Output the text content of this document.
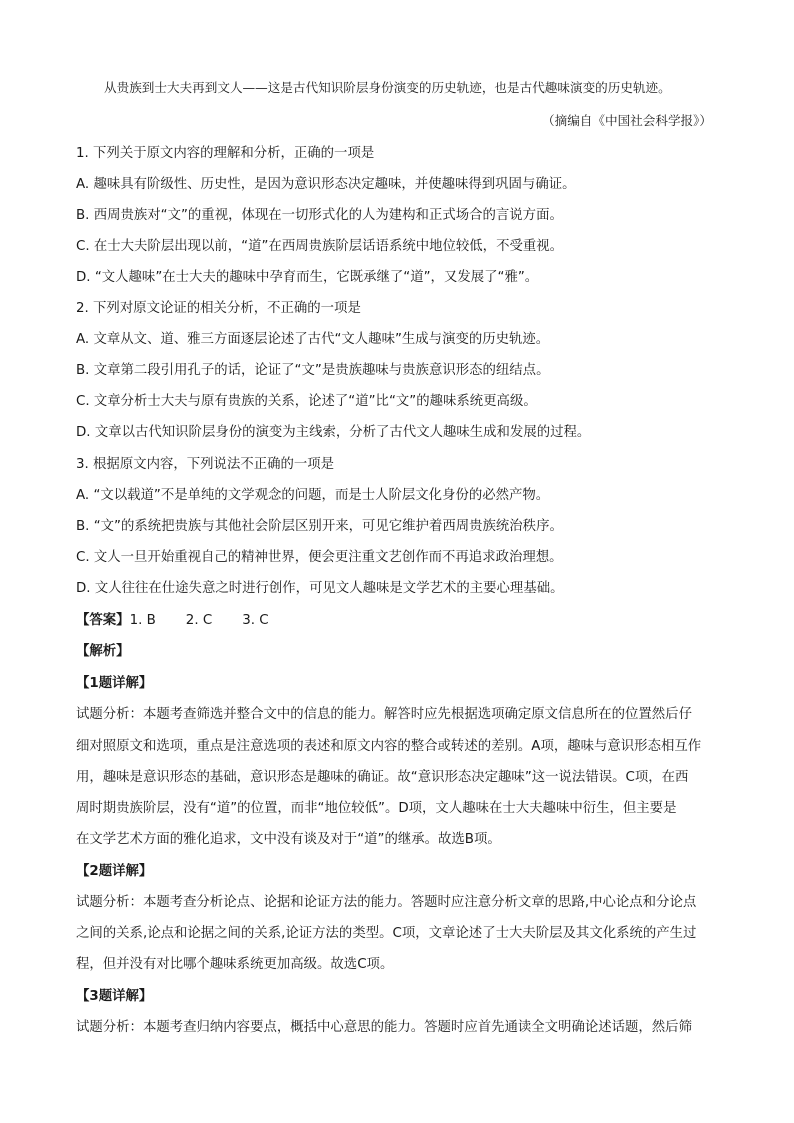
从贵族到士大夫再到文人——这是古代知识阶层身份演变的历史轨迹，也是古代趣味演变的历史轨迹。
（摘编自《中国社会科学报》）
1. 下列关于原文内容的理解和分析，正确的一项是
A. 趣味具有阶级性、历史性，是因为意识形态决定趣味，并使趣味得到巩固与确证。
B. 西周贵族对“文”的重视，体现在一切形式化的人为建构和正式场合的言说方面。
C. 在士大夫阶层出现以前，“道”在西周贵族阶层话语系统中地位较低，不受重视。
D. “文人趣味”在士大夫的趣味中孕育而生，它既承继了“道”，又发展了“雅”。
2. 下列对原文论证的相关分析，不正确的一项是
A. 文章从文、道、雅三方面逐层论述了古代“文人趣味”生成与演变的历史轨迹。
B. 文章第二段引用孔子的话，论证了“文”是贵族趣味与贵族意识形态的纽结点。
C. 文章分析士大夫与原有贵族的关系，论述了“道”比“文”的趣味系统更高级。
D. 文章以古代知识阶层身份的演变为主线索，分析了古代文人趣味生成和发展的过程。
3. 根据原文内容，下列说法不正确的一项是
A. “文以载道”不是单纯的文学观念的问题，而是士人阶层文化身份的必然产物。
B. “文”的系统把贵族与其他社会阶层区别开来，可见它维护着西周贵族统治秩序。
C. 文人一旦开始重视自己的精神世界，便会更注重文艺创作而不再追求政治理想。
D. 文人往往在仕途失意之时进行创作，可见文人趣味是文学艺术的主要心理基础。
【答案】1. B 2. C 3. C
【解析】
【1题详解】
试题分析：本题考查筛选并整合文中的信息的能力。解答时应先根据选项确定原文信息所在的位置然后仔
细对照原文和选项，重点是注意选项的表述和原文内容的整合或转述的差别。A项，趣味与意识形态相互作
用，趣味是意识形态的基础，意识形态是趣味的确证。故“意识形态决定趣味”这一说法错误。C项，在西
周时期贵族阶层，没有“道”的位置，而非“地位较低”。D项，文人趣味在士大夫趣味中衍生，但主要是
在文学艺术方面的雅化追求，文中没有谈及对于“道”的继承。故选B项。
【2题详解】
试题分析：本题考查分析论点、论据和论证方法的能力。答题时应注意分析文章的思路,中心论点和分论点
之间的关系,论点和论据之间的关系,论证方法的类型。C项，文章论述了士大夫阶层及其文化系统的产生过
程，但并没有对比哪个趣味系统更加高级。故选C项。
【3题详解】
试题分析：本题考查归纳内容要点，概括中心意思的能力。答题时应首先通读全文明确论述话题，然后筛
